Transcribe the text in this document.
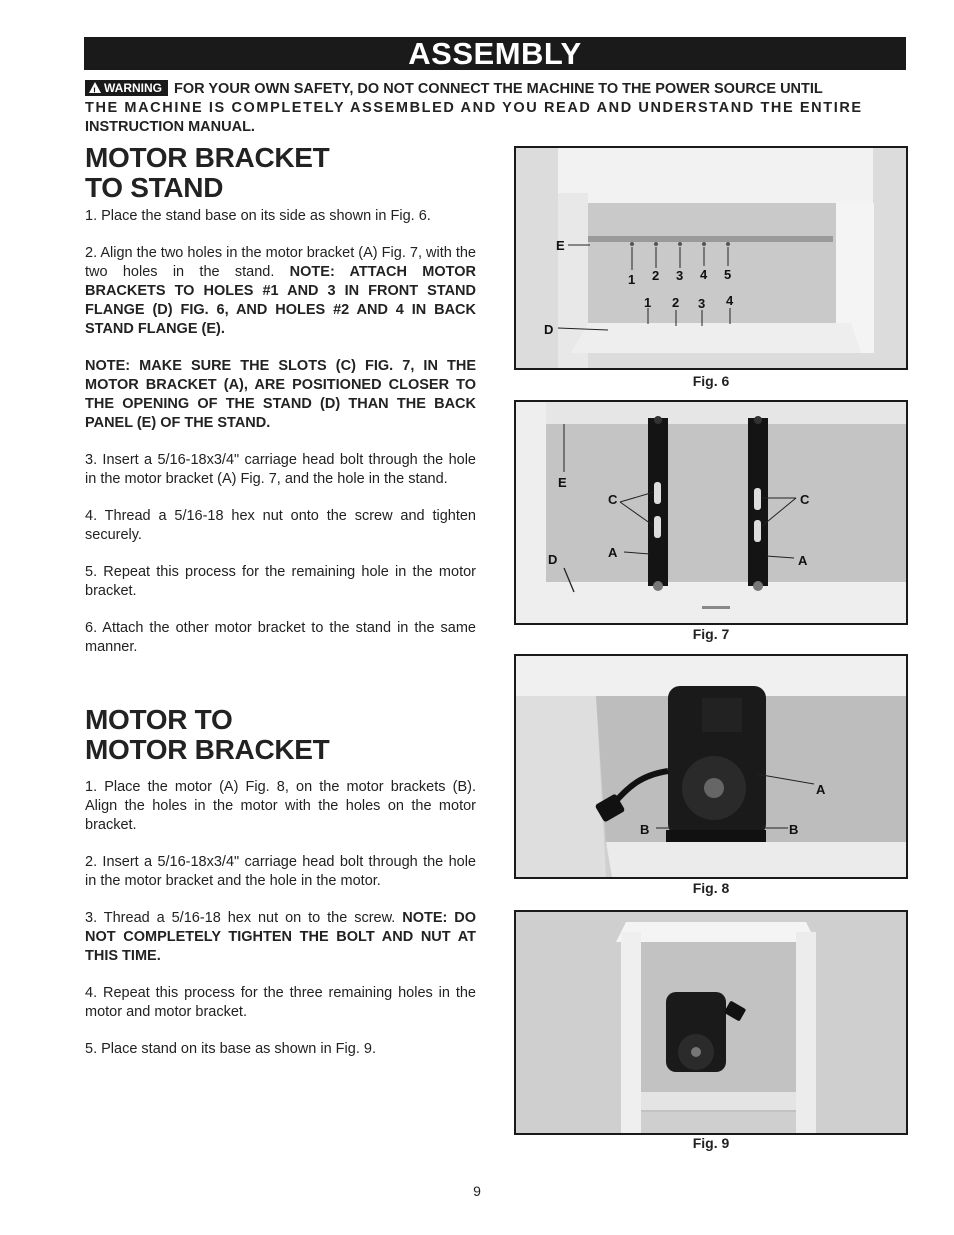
ASSEMBLY
!WARNING FOR YOUR OWN SAFETY, DO NOT CONNECT THE MACHINE TO THE POWER SOURCE UNTIL
THE MACHINE IS COMPLETELY ASSEMBLED AND YOU READ AND UNDERSTAND THE ENTIRE
INSTRUCTION MANUAL.
MOTOR BRACKET
TO STAND

1. Place the stand base on its side as shown in Fig. 6.

2. Align the two holes in the motor bracket (A) Fig. 7, with the two holes in the stand. NOTE: ATTACH MOTOR BRACKETS TO HOLES #1 AND 3 IN FRONT STAND FLANGE (D) FIG. 6, AND HOLES #2 AND 4 IN BACK STAND FLANGE (E).

NOTE: MAKE SURE THE SLOTS (C) FIG. 7, IN THE MOTOR BRACKET (A), ARE POSITIONED CLOSER TO THE OPENING OF THE STAND (D) THAN THE BACK PANEL (E) OF THE STAND.

3. Insert a 5/16-18x3/4" carriage head bolt through the hole in the motor bracket (A) Fig. 7, and the hole in the stand.

4. Thread a 5/16-18 hex nut onto the screw and tighten securely.

5. Repeat this process for the remaining hole in the motor bracket.

6. Attach the other motor bracket to the stand in the same manner.

MOTOR TO
MOTOR BRACKET

1. Place the motor (A) Fig. 8, on the motor brackets (B). Align the holes in the motor with the holes on the motor bracket.

2. Insert a 5/16-18x3/4" carriage head bolt through the hole in the motor bracket and the hole in the motor.

3. Thread a 5/16-18 hex nut on to the screw. NOTE: DO NOT COMPLETELY TIGHTEN THE BOLT AND NUT AT THIS TIME.

4. Repeat this process for the three remaining holes in the motor and motor bracket.

5. Place stand on its base as shown in Fig. 9.

E
D
1 2 3 4 5
1 2 3 4
Fig. 6
E
D
C	C
A
A
Fig. 7
A
B	B
Fig. 8
Fig. 9
9
